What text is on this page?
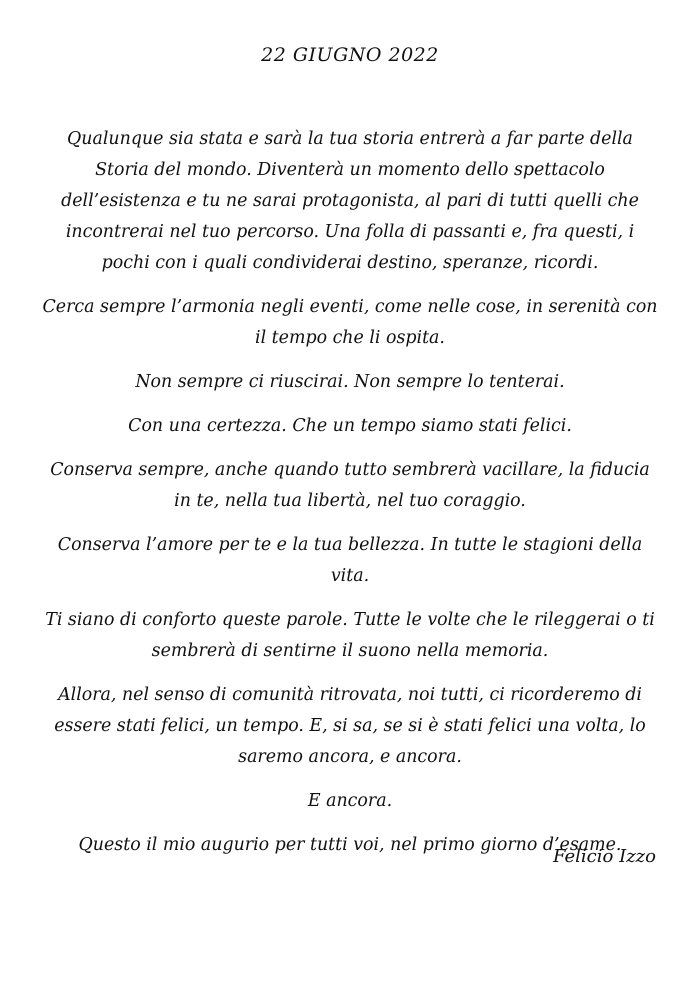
22 GIUGNO 2022

Qualunque sia stata e sarà la tua storia entrerà a far parte della Storia del mondo. Diventerà un momento dello spettacolo dell’esistenza e tu ne sarai protagonista, al pari di tutti quelli che incontrerai nel tuo percorso. Una folla di passanti e, fra questi, i pochi con i quali condividerai destino, speranze, ricordi.

Cerca sempre l’armonia negli eventi, come nelle cose, in serenità con il tempo che li ospita.

Non sempre ci riuscirai. Non sempre lo tenterai.

Con una certezza. Che un tempo siamo stati felici.

Conserva sempre, anche quando tutto sembrerà vacillare, la fiducia in te, nella tua libertà, nel tuo coraggio.

Conserva l’amore per te e la tua bellezza. In tutte le stagioni della vita.

Ti siano di conforto queste parole. Tutte le volte che le rileggerai o ti sembrerà di sentirne il suono nella memoria.

Allora, nel senso di comunità ritrovata, noi tutti, ci ricorderemo di essere stati felici, un tempo. E, si sa, se si è stati felici una volta, lo saremo ancora, e ancora.

E ancora.

Questo il mio augurio per tutti voi, nel primo giorno d’esame.

Felicio Izzo
